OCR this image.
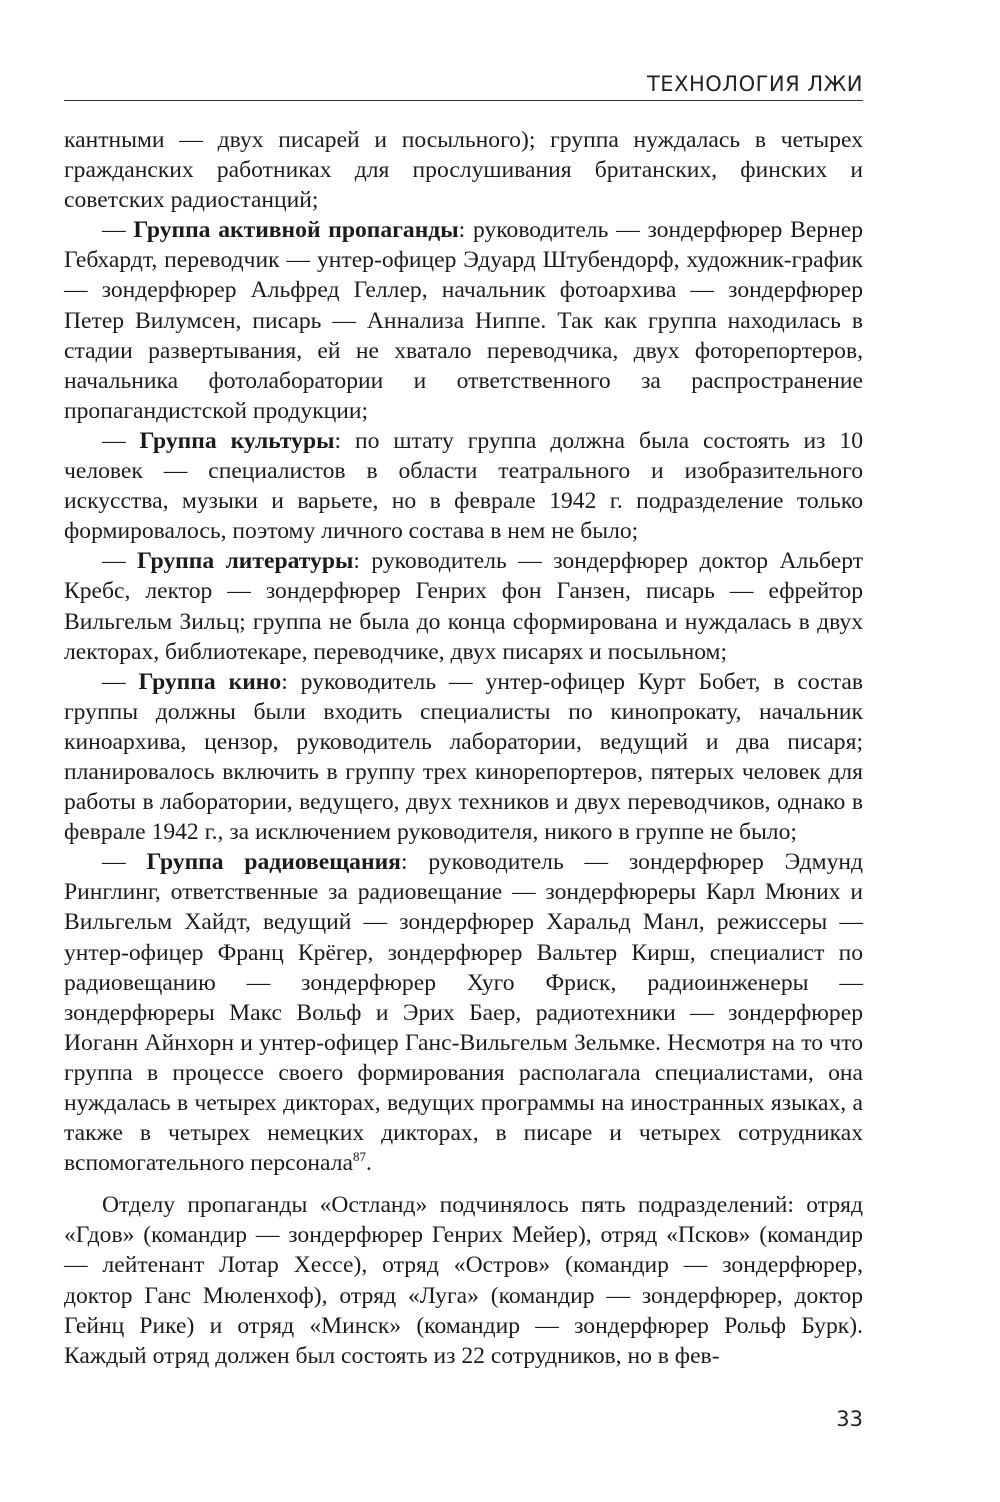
ТЕХНОЛОГИЯ ЛЖИ

кантными — двух писарей и посыльного); группа нуждалась в четырех гражданских работниках для прослушивания британских, финских и советских радиостанций;

— Группа активной пропаганды: руководитель — зондерфюрер Вернер Гебхардт, переводчик — унтер-офицер Эдуард Штубендорф, художник-график — зондерфюрер Альфред Геллер, начальник фотоархива — зондерфюрер Петер Вилумсен, писарь — Аннализа Ниппе. Так как группа находилась в стадии развертывания, ей не хватало переводчика, двух фоторепортеров, начальника фотолаборатории и ответственного за распространение пропагандистской продукции;

— Группа культуры: по штату группа должна была состоять из 10 человек — специалистов в области театрального и изобразительного искусства, музыки и варьете, но в феврале 1942 г. подразделение только формировалось, поэтому личного состава в нем не было;

— Группа литературы: руководитель — зондерфюрер доктор Альберт Кребс, лектор — зондерфюрер Генрих фон Ганзен, писарь — ефрейтор Вильгельм Зильц; группа не была до конца сформирована и нуждалась в двух лекторах, библиотекаре, переводчике, двух писарях и посыльном;

— Группа кино: руководитель — унтер-офицер Курт Бобет, в состав группы должны были входить специалисты по кинопрокату, начальник киноархива, цензор, руководитель лаборатории, ведущий и два писаря; планировалось включить в группу трех кинорепортеров, пятерых человек для работы в лаборатории, ведущего, двух техников и двух переводчиков, однако в феврале 1942 г., за исключением руководителя, никого в группе не было;

— Группа радиовещания: руководитель — зондерфюрер Эдмунд Ринглинг, ответственные за радиовещание — зондерфюреры Карл Мюних и Вильгельм Хайдт, ведущий — зондерфюрер Харальд Манл, режиссеры — унтер-офицер Франц Крёгер, зондерфюрер Вальтер Кирш, специалист по радиовещанию — зондерфюрер Хуго Фриск, радиоинженеры — зондерфюреры Макс Вольф и Эрих Баер, радиотехники — зондерфюрер Иоганн Айнхорн и унтер-офицер Ганс-Вильгельм Зельмке. Несмотря на то что группа в процессе своего формирования располагала специалистами, она нуждалась в четырех дикторах, ведущих программы на иностранных языках, а также в четырех немецких дикторах, в писаре и четырех сотрудниках вспомогательного персонала$^{87}$.

Отделу пропаганды «Остланд» подчинялось пять подразделений: отряд «Гдов» (командир — зондерфюрер Генрих Мейер), отряд «Псков» (командир — лейтенант Лотар Хессе), отряд «Остров» (командир — зондерфюрер, доктор Ганс Мюленхоф), отряд «Луга» (командир — зондерфюрер, доктор Гейнц Рике) и отряд «Минск» (командир — зондерфюрер Рольф Бурк). Каждый отряд должен был состоять из 22 сотрудников, но в фев-

33
